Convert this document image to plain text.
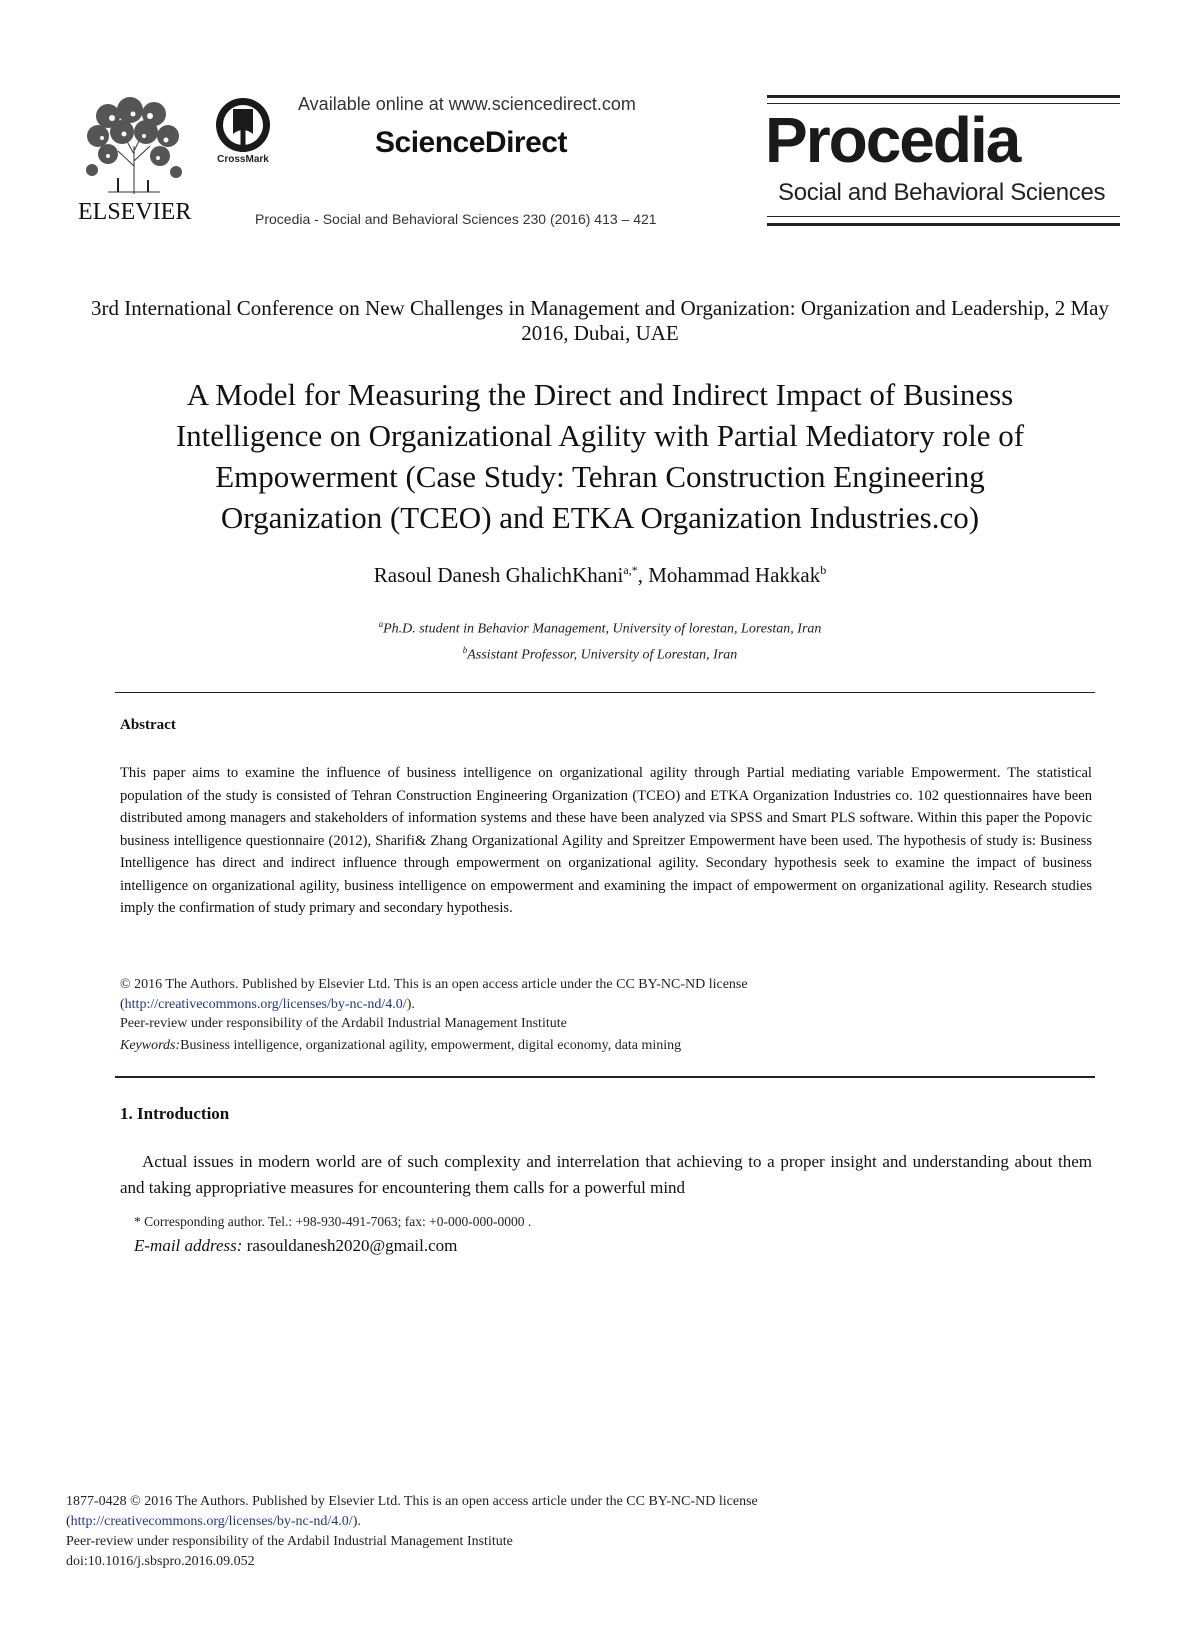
ELSEVIER
CrossMark
Available online at www.sciencedirect.com
ScienceDirect
Procedia - Social and Behavioral Sciences 230 (2016) 413 – 421
Procedia
Social and Behavioral Sciences
3rd International Conference on New Challenges in Management and Organization: Organization and Leadership, 2 May 2016, Dubai, UAE
A Model for Measuring the Direct and Indirect Impact of Business
Intelligence on Organizational Agility with Partial Mediatory role of
Empowerment (Case Study: Tehran Construction Engineering
Organization (TCEO) and ETKA Organization Industries.co)
Rasoul Danesh GhalichKhani$^{a,*}$, Mohammad Hakkak$^b$
$^a$Ph.D. student in Behavior Management, University of lorestan, Lorestan, Iran
$^b$Assistant Professor, University of Lorestan, Iran
Abstract
This paper aims to examine the influence of business intelligence on organizational agility through Partial mediating variable Empowerment. The statistical population of the study is consisted of Tehran Construction Engineering Organization (TCEO) and ETKA Organization Industries co. 102 questionnaires have been distributed among managers and stakeholders of information systems and these have been analyzed via SPSS and Smart PLS software. Within this paper the Popovic business intelligence questionnaire (2012), Sharifi& Zhang Organizational Agility and Spreitzer Empowerment have been used. The hypothesis of study is: Business Intelligence has direct and indirect influence through empowerment on organizational agility. Secondary hypothesis seek to examine the impact of business intelligence on organizational agility, business intelligence on empowerment and examining the impact of empowerment on organizational agility. Research studies imply the confirmation of study primary and secondary hypothesis.
© 2016 The Authors. Published by Elsevier Ltd. This is an open access article under the CC BY-NC-ND license
(http://creativecommons.org/licenses/by-nc-nd/4.0/).
Peer-review under responsibility of the Ardabil Industrial Management Institute
Keywords:Business intelligence, organizational agility, empowerment, digital economy, data mining
1. Introduction
Actual issues in modern world are of such complexity and interrelation that achieving to a proper insight and understanding about them and taking appropriative measures for encountering them calls for a powerful mind
* Corresponding author. Tel.: +98-930-491-7063; fax: +0-000-000-0000 .
E-mail address: rasouldanesh2020@gmail.com
1877-0428 © 2016 The Authors. Published by Elsevier Ltd. This is an open access article under the CC BY-NC-ND license
(http://creativecommons.org/licenses/by-nc-nd/4.0/).
Peer-review under responsibility of the Ardabil Industrial Management Institute
doi:10.1016/j.sbspro.2016.09.052
